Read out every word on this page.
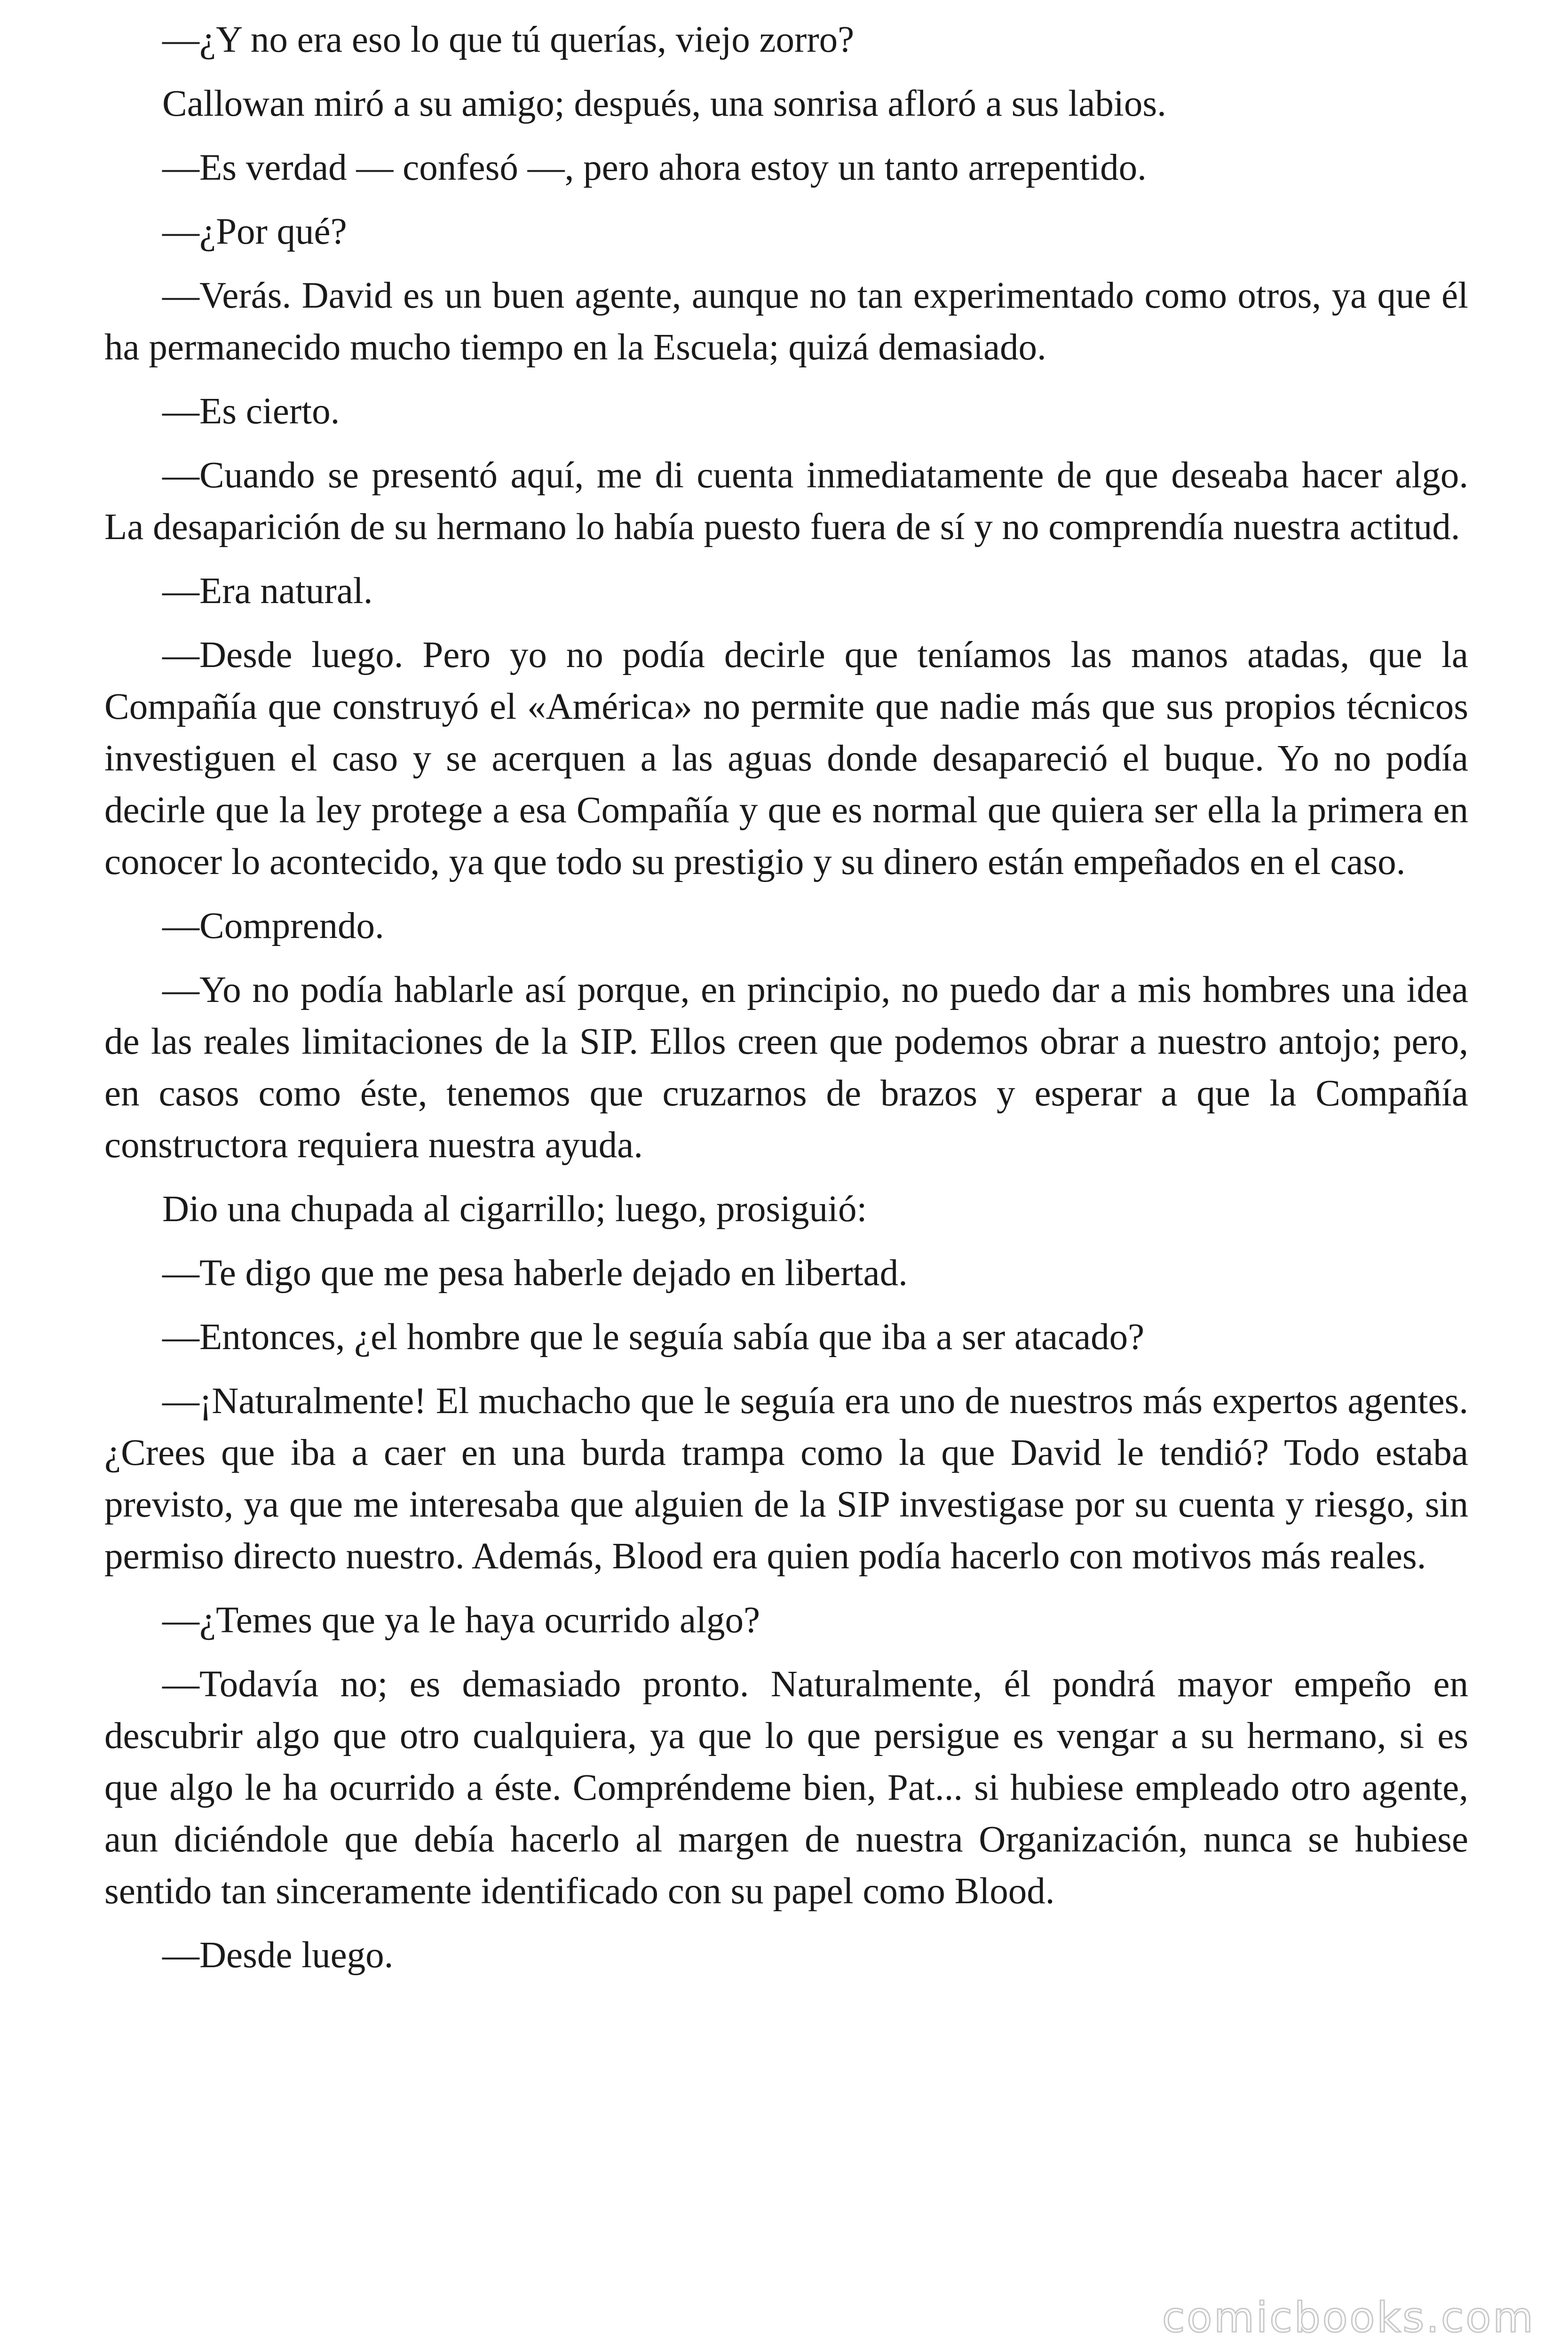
—¿Y no era eso lo que tú querías, viejo zorro?

Callowan miró a su amigo; después, una sonrisa afloró a sus labios.

—Es verdad — confesó —, pero ahora estoy un tanto arrepentido.

—¿Por qué?

—Verás. David es un buen agente, aunque no tan experimentado como otros, ya que él ha permanecido mucho tiempo en la Escuela; quizá demasiado.

—Es cierto.

—Cuando se presentó aquí, me di cuenta inmediatamente de que deseaba hacer algo. La desaparición de su hermano lo había puesto fuera de sí y no comprendía nuestra actitud.

—Era natural.

—Desde luego. Pero yo no podía decirle que teníamos las manos atadas, que la Compañía que construyó el «América» no permite que nadie más que sus propios técnicos investiguen el caso y se acerquen a las aguas donde desapareció el buque. Yo no podía decirle que la ley protege a esa Compañía y que es normal que quiera ser ella la primera en conocer lo acontecido, ya que todo su prestigio y su dinero están empeñados en el caso.

—Comprendo.

—Yo no podía hablarle así porque, en principio, no puedo dar a mis hombres una idea de las reales limitaciones de la SIP. Ellos creen que podemos obrar a nuestro antojo; pero, en casos como éste, tenemos que cruzarnos de brazos y esperar a que la Compañía constructora requiera nuestra ayuda.

Dio una chupada al cigarrillo; luego, prosiguió:

—Te digo que me pesa haberle dejado en libertad.

—Entonces, ¿el hombre que le seguía sabía que iba a ser atacado?

—¡Naturalmente! El muchacho que le seguía era uno de nuestros más expertos agentes. ¿Crees que iba a caer en una burda trampa como la que David le tendió? Todo estaba previsto, ya que me interesaba que alguien de la SIP investigase por su cuenta y riesgo, sin permiso directo nuestro. Además, Blood era quien podía hacerlo con motivos más reales.

—¿Temes que ya le haya ocurrido algo?

—Todavía no; es demasiado pronto. Naturalmente, él pondrá mayor empeño en descubrir algo que otro cualquiera, ya que lo que persigue es vengar a su hermano, si es que algo le ha ocurrido a éste. Compréndeme bien, Pat... si hubiese empleado otro agente, aun diciéndole que debía hacerlo al margen de nuestra Organización, nunca se hubiese sentido tan sinceramente identificado con su papel como Blood.

—Desde luego.

comicbooks.com
